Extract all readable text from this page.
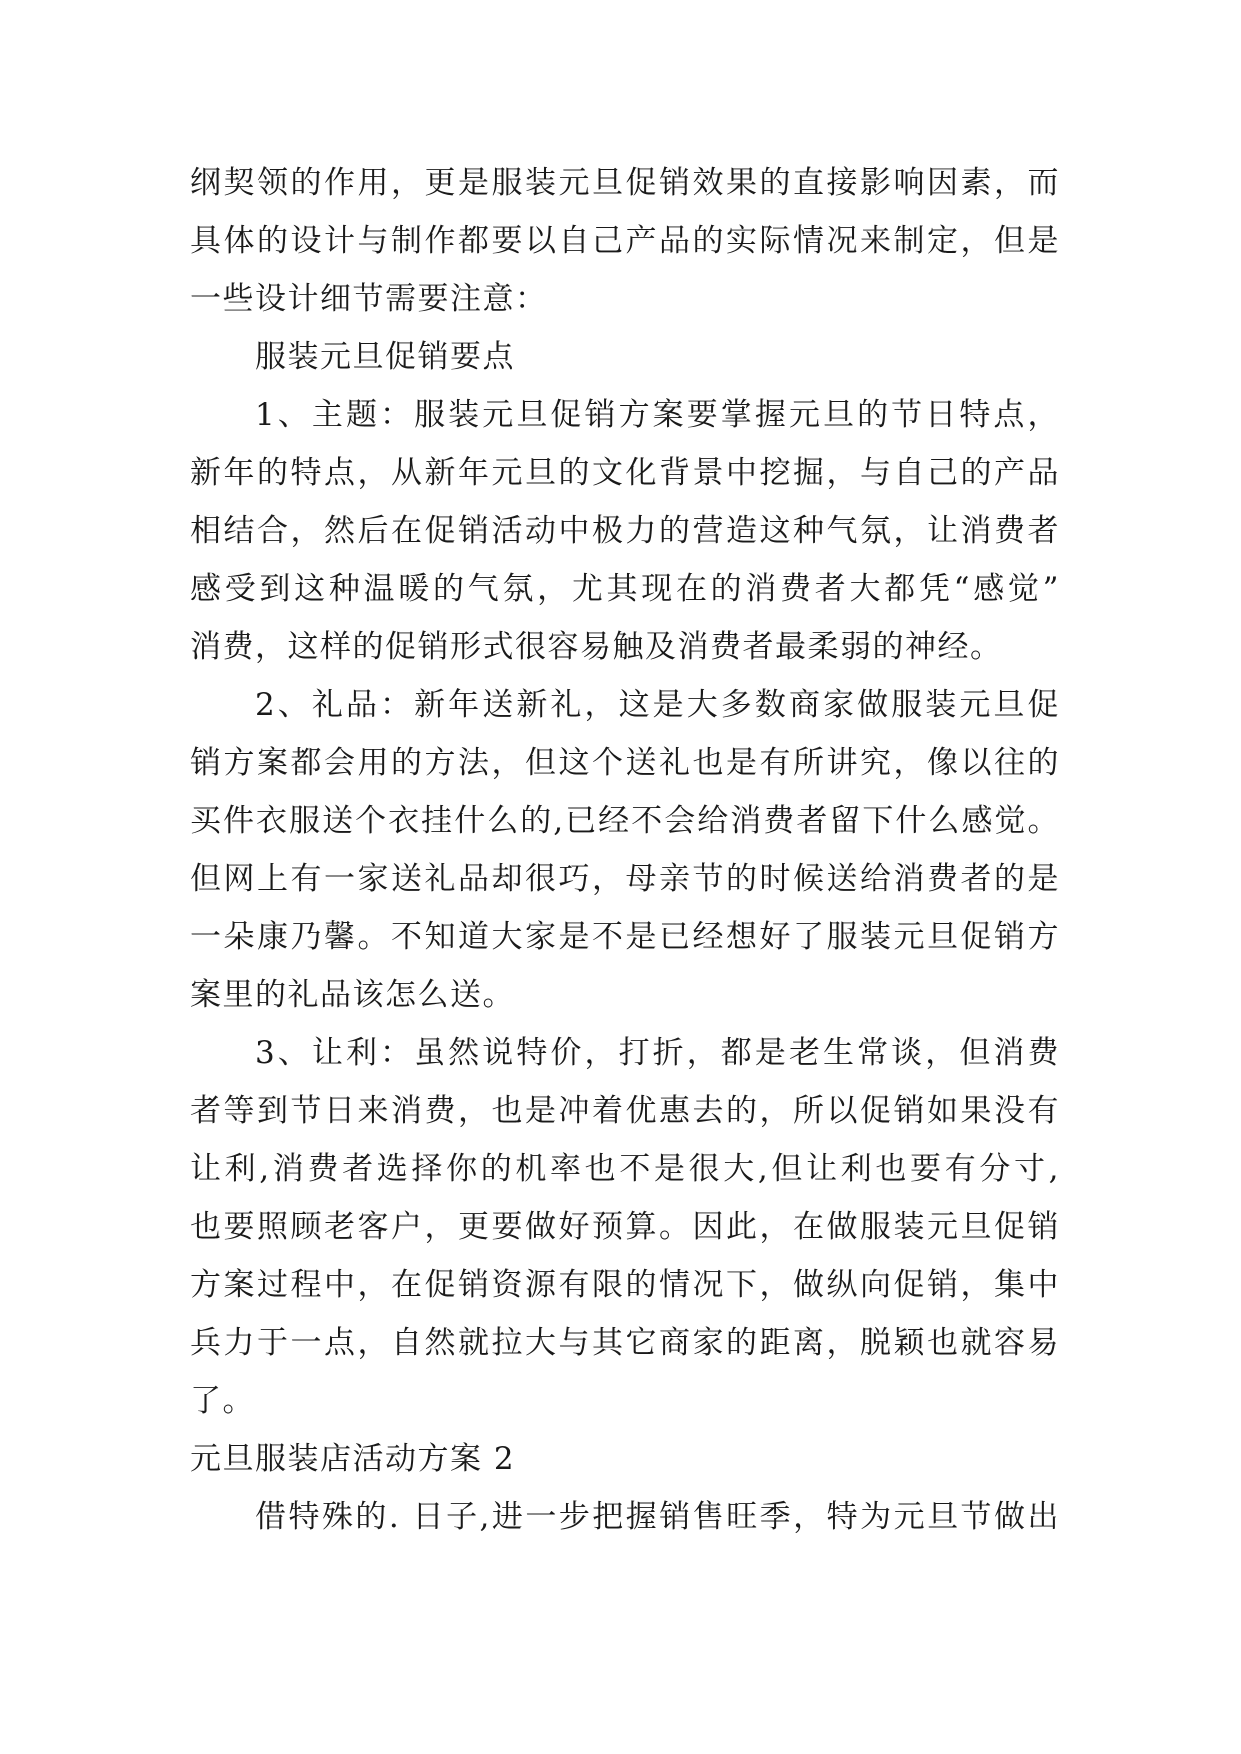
纲契领的作用，更是服装元旦促销效果的直接影响因素，而
具体的设计与制作都要以自己产品的实际情况来制定，但是
一些设计细节需要注意：
服装元旦促销要点
1、主题：服装元旦促销方案要掌握元旦的节日特点，
新年的特点，从新年元旦的文化背景中挖掘，与自己的产品
相结合，然后在促销活动中极力的营造这种气氛，让消费者
感受到这种温暖的气氛，尤其现在的消费者大都凭“感觉”
消费，这样的促销形式很容易触及消费者最柔弱的神经。
2、礼品：新年送新礼，这是大多数商家做服装元旦促
销方案都会用的方法，但这个送礼也是有所讲究，像以往的
买件衣服送个衣挂什么的,已经不会给消费者留下什么感觉。
但网上有一家送礼品却很巧，母亲节的时候送给消费者的是
一朵康乃馨。不知道大家是不是已经想好了服装元旦促销方
案里的礼品该怎么送。
3、让利：虽然说特价，打折，都是老生常谈，但消费
者等到节日来消费，也是冲着优惠去的，所以促销如果没有
让利,消费者选择你的机率也不是很大,但让利也要有分寸,
也要照顾老客户，更要做好预算。因此，在做服装元旦促销
方案过程中，在促销资源有限的情况下，做纵向促销，集中
兵力于一点，自然就拉大与其它商家的距离，脱颖也就容易
了。
元旦服装店活动方案 2
借特殊的. 日子,进一步把握销售旺季，特为元旦节做出
